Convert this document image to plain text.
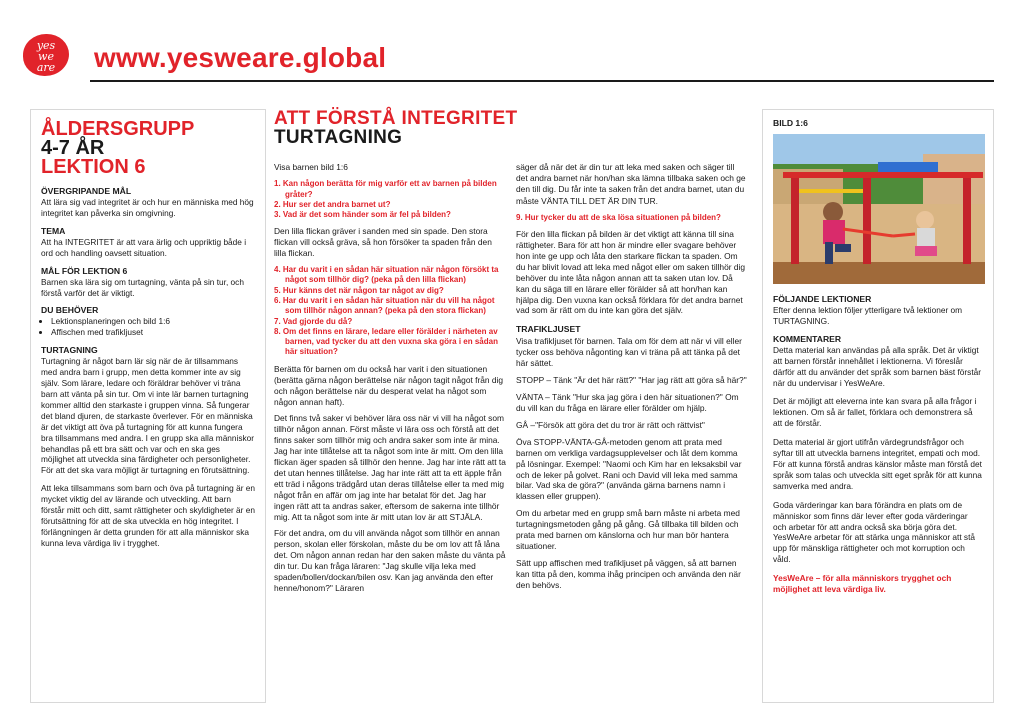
yes
we
are	www.yesweare.global
ÅLDERSGRUPP
4-7 ÅR
LEKTION 6
ÖVERGRIPANDE MÅL
Att lära sig vad integritet är och hur en människa med hög integritet kan påverka sin omgivning.
TEMA
Att ha INTEGRITET är att vara ärlig och uppriktig både i ord och handling oavsett situation.
MÅL FÖR LEKTION 6
Barnen ska lära sig om turtagning, vänta på sin tur, och förstå varför det är viktigt.
DU BEHÖVER
• Lektionsplaneringen och bild 1:6
• Affischen med trafikljuset
TURTAGNING
Turtagning är något barn lär sig när de är tillsammans med andra barn i grupp, men detta kommer inte av sig själv. Som lärare, ledare och föräldrar behöver vi träna barn att vänta på sin tur. Om vi inte lär barnen turtagning kommer alltid den starkaste i gruppen vinna. Så fungerar det bland djuren, de starkaste överlever. För en människa är det viktigt att öva på turtagning för att kunna fungera bra tillsammans med andra. I en grupp ska alla människor behandlas på ett bra sätt och var och en ska ges möjlighet att utveckla sina färdigheter och personligheter. För att det ska vara möjligt är turtagning en förutsättning.
Att leka tillsammans som barn och öva på turtagning är en mycket viktig del av lärande och utveckling. Att barn förstår mitt och ditt, samt rättigheter och skyldigheter är en förutsättning för att de ska utveckla en hög integritet. I förlängningen är detta grunden för att alla människor ska kunna leva värdiga liv i trygghet.
ATT FÖRSTÅ INTEGRITET
TURTAGNING
Visa barnen bild 1:6
1. Kan någon berätta för mig varför ett av barnen på bilden gråter?
2. Hur ser det andra barnet ut?
3. Vad är det som händer som är fel på bilden?
Den lilla flickan gräver i sanden med sin spade. Den stora flickan vill också gräva, så hon försöker ta spaden från den lilla flickan.
4. Har du varit i en sådan här situation när någon försökt ta något som tillhör dig? (peka på den lilla flickan)
5. Hur känns det när någon tar något av dig?
6. Har du varit i en sådan här situation när du vill ha något som tillhör någon annan? (peka på den stora flickan)
7. Vad gjorde du då?
8. Om det finns en lärare, ledare eller förälder i närheten av barnen, vad tycker du att den vuxna ska göra i en sådan här situation?
Berätta för barnen om du också har varit i den situationen (berätta gärna någon berättelse när någon tagit något från dig och någon berättelse när du desperat velat ha något som någon annan haft).
Det finns två saker vi behöver lära oss när vi vill ha något som tillhör någon annan. Först måste vi lära oss och förstå att det finns saker som tillhör mig och andra saker som inte är mina. Jag har inte tillåtelse att ta något som inte är mitt. Om den lilla flickan äger spaden så tillhör den henne. Jag har inte rätt att ta det utan hennes tillåtelse. Jag har inte rätt att ta ett äpple från ett träd i någons trädgård utan deras tillåtelse eller ta med mig något från en affär om jag inte har betalat för det. Jag har ingen rätt att ta andras saker, eftersom de sakerna inte tillhör mig. Att ta något som inte är mitt utan lov är att STJÄLA.
För det andra, om du vill använda något som tillhör en annan person, skolan eller förskolan, måste du be om lov att få låna det. Om någon annan redan har den saken måste du vänta på din tur. Du kan fråga läraren: "Jag skulle vilja leka med spaden/bollen/dockan/bilen osv. Kan jag använda den efter henne/honom?" Läraren
säger då när det är din tur att leka med saken och säger till det andra barnet när hon/han ska lämna tillbaka saken och ge den till dig. Du får inte ta saken från det andra barnet, utan du måste VÄNTA TILL DET ÄR DIN TUR.
9. Hur tycker du att de ska lösa situationen på bilden?
För den lilla flickan på bilden är det viktigt att känna till sina rättigheter. Bara för att hon är mindre eller svagare behöver hon inte ge upp och låta den starkare flickan ta spaden. Om du har blivit lovad att leka med något eller om saken tillhör dig behöver du inte låta någon annan att ta saken utan lov. Då kan du säga till en lärare eller förälder så att hon/han kan hjälpa dig. Den vuxna kan också förklara för det andra barnet vad som är rätt om du inte kan göra det själv.
TRAFIKLJUSET
Visa trafikljuset för barnen. Tala om för dem att när vi vill eller tycker oss behöva någonting kan vi träna på att tänka på det här sättet.
STOPP – Tänk "Är det här rätt?" "Har jag rätt att göra så här?"
VÄNTA – Tänk "Hur ska jag göra i den här situationen?" Om du vill kan du fråga en lärare eller förälder om hjälp.
GÅ –"Försök att göra det du tror är rätt och rättvist"
Öva STOPP-VÄNTA-GÅ-metoden genom att prata med barnen om verkliga vardagsupplevelser och låt dem komma på lösningar. Exempel: "Naomi och Kim har en leksaksbil var och de leker på golvet. Rani och David vill leka med samma bilar. Vad ska de göra?" (använda gärna barnens namn i klassen eller gruppen).
Om du arbetar med en grupp små barn måste ni arbeta med turtagningsmetoden gång på gång. Gå tillbaka till bilden och prata med barnen om känslorna och hur man bör hantera situationer.
Sätt upp affischen med trafikljuset på väggen, så att barnen kan titta på den, komma ihåg principen och använda den när den behövs.
BILD 1:6
FÖLJANDE LEKTIONER
Efter denna lektion följer ytterligare två lektioner om TURTAGNING.
KOMMENTARER
Detta material kan användas på alla språk. Det är viktigt att barnen förstår innehållet i lektionerna. Vi föreslår därför att du använder det språk som barnen bäst förstår när du undervisar i YesWeAre.
Det är möjligt att eleverna inte kan svara på alla frågor i lektionen. Om så är fallet, förklara och demonstrera så att de förstår.
Detta material är gjort utifrån värdegrundsfrågor och syftar till att utveckla barnens integritet, empati och mod. För att kunna förstå andras känslor måste man förstå det språk som talas och utveckla sitt eget språk för att kunna samverka med andra.
Goda värderingar kan bara förändra en plats om de människor som finns där lever efter goda värderingar och arbetar för att andra också ska börja göra det. YesWeAre arbetar för att stärka unga människor att stå upp för mänskliga rättigheter och mot korruption och våld.
YesWeAre – för alla människors trygghet och möjlighet att leva värdiga liv.
